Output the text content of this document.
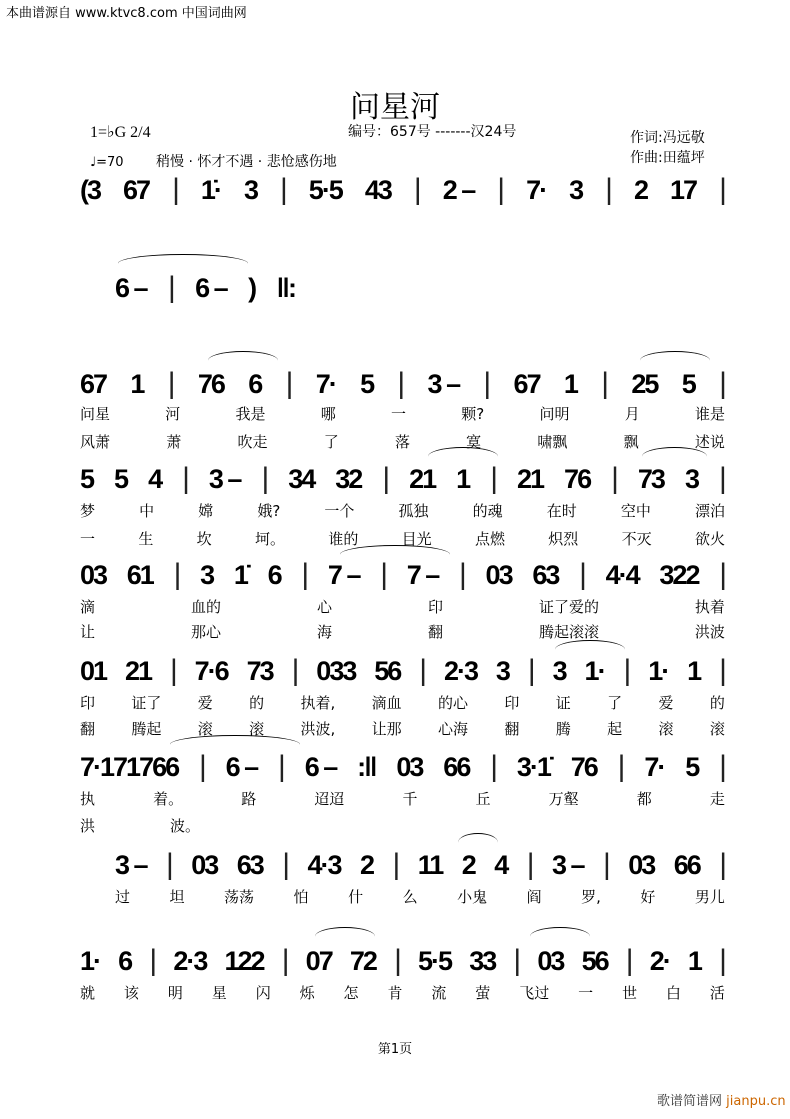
本曲谱源自 www.ktvc8.com 中国词曲网
问星河
编号：657号 -------汉24号	作词:冯远敬
作曲:田蕴坪
1=♭G 2/4
♩=70 稍慢 · 怀才不遇 · 悲怆感伤地
(3 67 | 1̇· 3 | 5·5 43 | 2 – | 7· 3 | 2 17 |
6 – | 6 – ) ‖:
67 1 | 76 6 | 7· 5 | 3 – | 67 1 | 25 5 |
问星	河	我是	哪	一	颗?	问明	月	谁是
风萧	萧	吹走	了	落	寞	啸飘	飘	述说
5 5 4 | 3 – | 34 32 | 21 1 | 21 76 | 73 3 |
梦	中	嫦	娥?	一个	孤独	的魂	在时	空中	漂泊
一	生	坎	坷。	谁的	目光	点燃	炽烈	不灭	欲火
03 61 | 3 1̇ 6 | 7 – | 7 – | 03 63 | 4·4 322 |
滴	血的	心	印	证了爱的	执着
让	那心	海	翻	腾起滚滚	洪波
01 21 | 7·6 73 | 033 56 | 2·3 3 | 3 1· | 1· 1 |
印 证了 爱 的 执着, 滴血 的心 印 证 了 爱 的
翻 腾起 滚 滚 洪波, 让那 心海 翻 腾 起 滚 滚
7·171766 | 6 – | 6 – :‖ 03 66 | 3·1̇ 76 | 7· 5 |
执	着。	路	迢迢	千	丘	万壑	都	走
洪	波。
3 – | 03 63 | 4·3 2 | 11 2 4 | 3 – | 03 66 |
过	坦	荡荡	怕	什	么	小鬼	阎	罗,	好	男儿
1· 6 | 2·3 122 | 07 72 | 5·5 33 | 03 56 | 2· 1 |
就 该 明 星 闪 烁 怎 肯 流 萤 飞过 一 世 白 活
第1页
歌谱简谱网 jianpu.cn
